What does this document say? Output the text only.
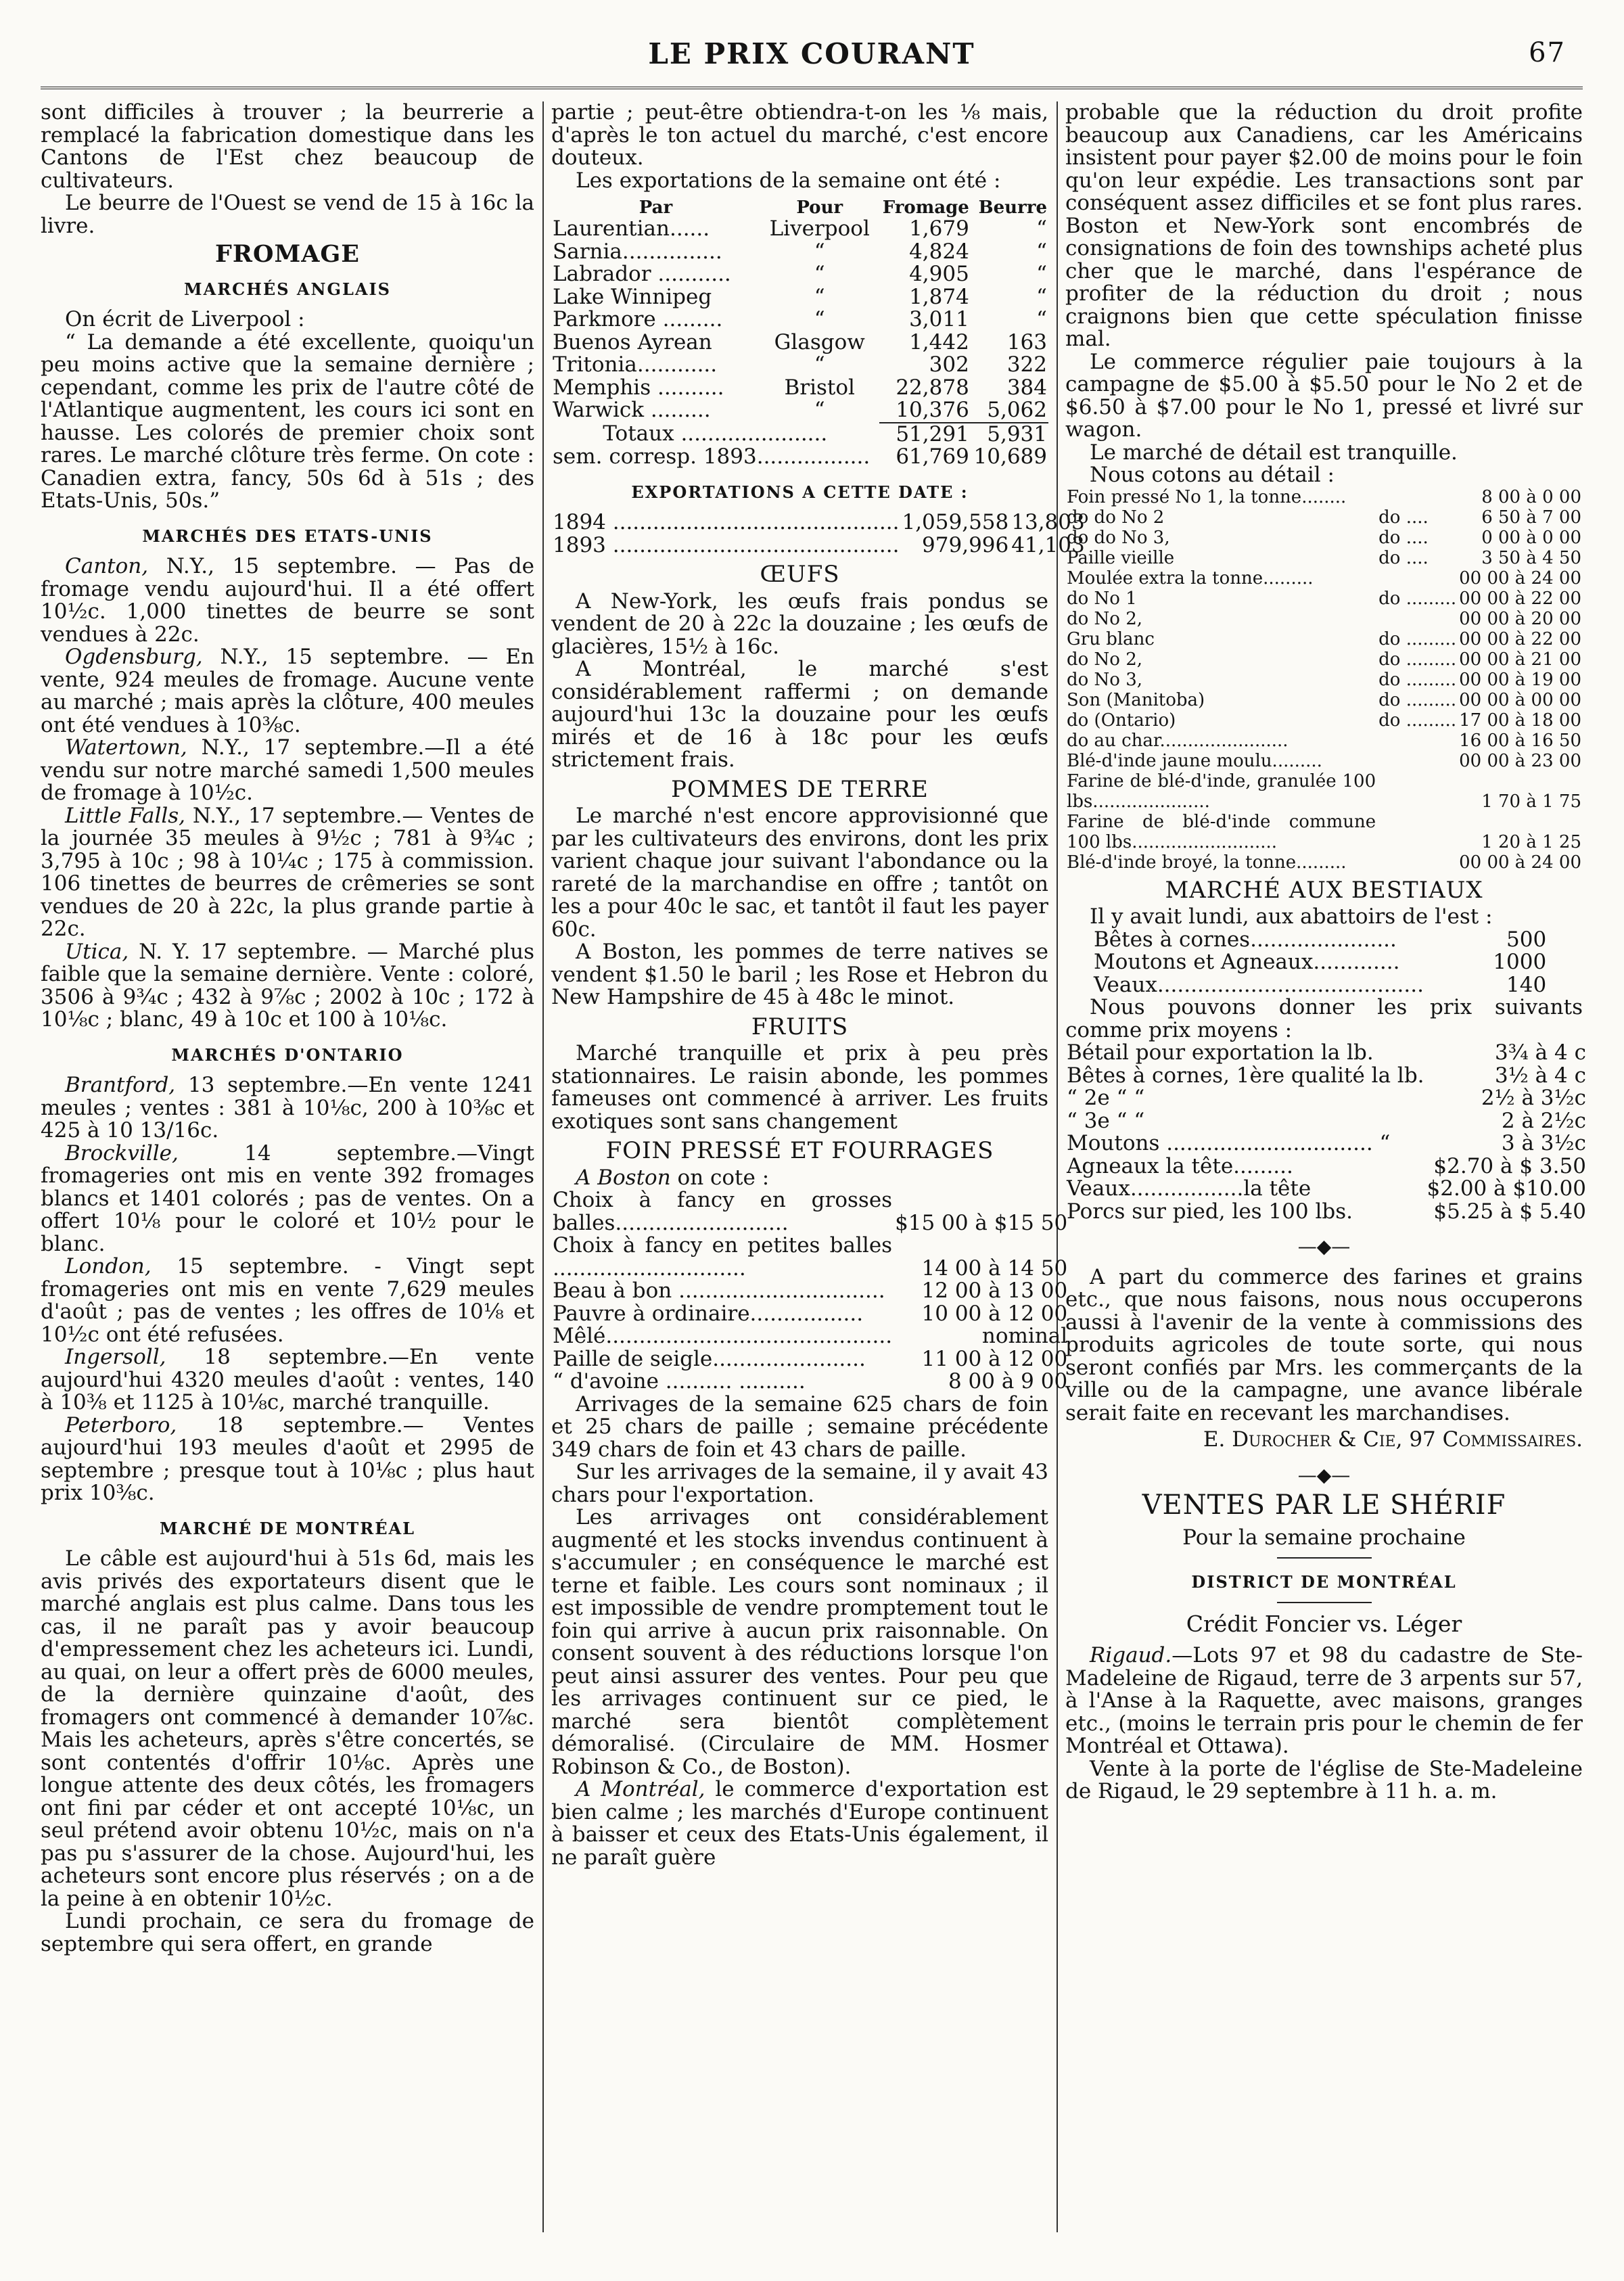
LE PRIX COURANT	67

sont difficiles à trouver ; la beurrerie a remplacé la fabrication domestique dans les Cantons de l'Est chez beaucoup de cultivateurs.

Le beurre de l'Ouest se vend de 15 à 16c la livre.

FROMAGE
MARCHÉS ANGLAIS

On écrit de Liverpool :

“ La demande a été excellente, quoiqu'un peu moins active que la semaine dernière ; cependant, comme les prix de l'autre côté de l'Atlantique augmentent, les cours ici sont en hausse. Les colorés de premier choix sont rares. Le marché clôture très ferme. On cote : Canadien extra, fancy, 50s 6d à 51s ; des Etats-Unis, 50s.”

MARCHÉS DES ETATS-UNIS

Canton, N.Y., 15 septembre. — Pas de fromage vendu aujourd'hui. Il a été offert 10½c. 1,000 tinettes de beurre se sont vendues à 22c.

Ogdensburg, N.Y., 15 septembre. — En vente, 924 meules de fromage. Aucune vente au marché ; mais après la clôture, 400 meules ont été vendues à 10⅜c.

Watertown, N.Y., 17 septembre.—Il a été vendu sur notre marché samedi 1,500 meules de fromage à 10½c.

Little Falls, N.Y., 17 septembre.— Ventes de la journée 35 meules à 9½c ; 781 à 9¾c ; 3,795 à 10c ; 98 à 10¼c ; 175 à commission. 106 tinettes de beurres de crêmeries se sont vendues de 20 à 22c, la plus grande partie à 22c.

Utica, N. Y. 17 septembre. — Marché plus faible que la semaine dernière. Vente : coloré, 3506 à 9¾c ; 432 à 9⅞c ; 2002 à 10c ; 172 à 10⅛c ; blanc, 49 à 10c et 100 à 10⅛c.

MARCHÉS D'ONTARIO

Brantford, 13 septembre.—En vente 1241 meules ; ventes : 381 à 10⅛c, 200 à 10⅜c et 425 à 10 13/16c.

Brockville, 14 septembre.—Vingt fromageries ont mis en vente 392 fromages blancs et 1401 colorés ; pas de ventes. On a offert 10⅛ pour le coloré et 10½ pour le blanc.

London, 15 septembre. - Vingt sept fromageries ont mis en vente 7,629 meules d'août ; pas de ventes ; les offres de 10⅛ et 10½c ont été refusées.

Ingersoll, 18 septembre.—En vente aujourd'hui 4320 meules d'août : ventes, 140 à 10⅜ et 1125 à 10⅛c, marché tranquille.

Peterboro, 18 septembre.— Ventes aujourd'hui 193 meules d'août et 2995 de septembre ; presque tout à 10⅛c ; plus haut prix 10⅜c.

MARCHÉ DE MONTRÉAL

Le câble est aujourd'hui à 51s 6d, mais les avis privés des exportateurs disent que le marché anglais est plus calme. Dans tous les cas, il ne paraît pas y avoir beaucoup d'empressement chez les acheteurs ici. Lundi, au quai, on leur a offert près de 6000 meules, de la dernière quinzaine d'août, des fromagers ont commencé à demander 10⅞c. Mais les acheteurs, après s'être concertés, se sont contentés d'offrir 10⅛c. Après une longue attente des deux côtés, les fromagers ont fini par céder et ont accepté 10⅛c, un seul prétend avoir obtenu 10½c, mais on n'a pas pu s'assurer de la chose. Aujourd'hui, les acheteurs sont encore plus réservés ; on a de la peine à en obtenir 10½c.

Lundi prochain, ce sera du fromage de septembre qui sera offert, en grande

partie ; peut-être obtiendra-t-on les ⅛ mais, d'après le ton actuel du marché, c'est encore douteux.

Les exportations de la semaine ont été :

Par	Pour	Fromage	Beurre
Laurentian......	Liverpool	1,679	“
Sarnia...............	“	4,824	“
Labrador ...........	“	4,905	“
Lake Winnipeg	“	1,874	“
Parkmore .........	“	3,011	“
Buenos Ayrean	Glasgow	1,442	163
Tritonia............	“	302	322
Memphis ..........	Bristol	22,878	384
Warwick .........	“	10,376	5,062
Totaux ......................		51,291	5,931
sem. corresp. 1893.................		61,769	10,689
EXPORTATIONS A CETTE DATE :
1894 ...........................................	1,059,558	13,803
1893 ...........................................	979,996	41,103
ŒUFS

A New-York, les œufs frais pondus se vendent de 20 à 22c la douzaine ; les œufs de glacières, 15½ à 16c.

A Montréal, le marché s'est considérablement raffermi ; on demande aujourd'hui 13c la douzaine pour les œufs mirés et de 16 à 18c pour les œufs strictement frais.

POMMES DE TERRE

Le marché n'est encore approvisionné que par les cultivateurs des environs, dont les prix varient chaque jour suivant l'abondance ou la rareté de la marchandise en offre ; tantôt on les a pour 40c le sac, et tantôt il faut les payer 60c.

A Boston, les pommes de terre natives se vendent $1.50 le baril ; les Rose et Hebron du New Hampshire de 45 à 48c le minot.

FRUITS

Marché tranquille et prix à peu près stationnaires. Le raisin abonde, les pommes fameuses ont commencé à arriver. Les fruits exotiques sont sans changement

FOIN PRESSÉ ET FOURRAGES

A Boston on cote :

Choix à fancy en grosses balles..........................	$15 00 à $15 50
Choix à fancy en petites balles .............................	14 00 à 14 50
Beau à bon ...............................	12 00 à 13 00
Pauvre à ordinaire.................	10 00 à 12 00
Mêlé...........................................	nominal
Paille de seigle.......................	11 00 à 12 00
“ d'avoine .......... ..........	8 00 à 9 00

Arrivages de la semaine 625 chars de foin et 25 chars de paille ; semaine précédente 349 chars de foin et 43 chars de paille.

Sur les arrivages de la semaine, il y avait 43 chars pour l'exportation.

Les arrivages ont considérablement augmenté et les stocks invendus continuent à s'accumuler ; en conséquence le marché est terne et faible. Les cours sont nominaux ; il est impossible de vendre promptement tout le foin qui arrive à aucun prix raisonnable. On consent souvent à des réductions lorsque l'on peut ainsi assurer des ventes. Pour peu que les arrivages continuent sur ce pied, le marché sera bientôt complètement démoralisé. (Circulaire de MM. Hosmer Robinson & Co., de Boston).

A Montréal, le commerce d'exportation est bien calme ; les marchés d'Europe continuent à baisser et ceux des Etats-Unis également, il ne paraît guère

probable que la réduction du droit profite beaucoup aux Canadiens, car les Américains insistent pour payer $2.00 de moins pour le foin qu'on leur expédie. Les transactions sont par conséquent assez difficiles et se font plus rares. Boston et New-York sont encombrés de consignations de foin des townships acheté plus cher que le marché, dans l'espérance de profiter de la réduction du droit ; nous craignons bien que cette spéculation finisse mal.

Le commerce régulier paie toujours à la campagne de $5.00 à $5.50 pour le No 2 et de $6.50 à $7.00 pour le No 1, pressé et livré sur wagon.

Le marché de détail est tranquille.

Nous cotons au détail :

Foin pressé No 1, la tonne........		8 00 à 0 00
do do No 2	do ....	6 50 à 7 00
do do No 3,	do ....	0 00 à 0 00
Paille vieille	do ....	3 50 à 4 50
Moulée extra la tonne.........		00 00 à 24 00
do No 1	do .........	00 00 à 22 00
do No 2,		00 00 à 20 00
Gru blanc	do .........	00 00 à 22 00
do No 2,	do .........	00 00 à 21 00
do No 3,	do .........	00 00 à 19 00
Son (Manitoba)	do .........	00 00 à 00 00
do (Ontario)	do .........	17 00 à 18 00
do au char.......................		16 00 à 16 50
Blé-d'inde jaune moulu.........		00 00 à 23 00
Farine de blé-d'inde, granulée 100 lbs.....................		1 70 à 1 75
Farine de blé-d'inde commune 100 lbs..........................		1 20 à 1 25
Blé-d'inde broyé, la tonne.........		00 00 à 24 00
MARCHÉ AUX BESTIAUX

Il y avait lundi, aux abattoirs de l'est :

Bêtes à cornes......................	500
Moutons et Agneaux.............	1000
Veaux........................................	140

Nous pouvons donner les prix suivants comme prix moyens :

Bétail pour exportation la lb.	3¾ à 4 c
Bêtes à cornes, 1ère qualité la lb.	3½ à 4 c
“ 2e “ “	2½ à 3½c
“ 3e “ “	2 à 2½c
Moutons ............................... “	3 à 3½c
Agneaux la tête.........	$2.70 à $ 3.50
Veaux.................la tête	$2.00 à $10.00
Porcs sur pied, les 100 lbs.	$5.25 à $ 5.40
—◆—

A part du commerce des farines et grains etc., que nous faisons, nous nous occuperons aussi à l'avenir de la vente à commissions des produits agricoles de toute sorte, qui nous seront confiés par Mrs. les commerçants de la ville ou de la campagne, une avance libérale serait faite en recevant les marchandises.

E. Durocher & Cie, 97 Commissaires.
—◆—
VENTES PAR LE SHÉRIF
Pour la semaine prochaine
DISTRICT DE MONTRÉAL
Crédit Foncier vs. Léger

Rigaud.—Lots 97 et 98 du cadastre de Ste-Madeleine de Rigaud, terre de 3 arpents sur 57, à l'Anse à la Raquette, avec maisons, granges etc., (moins le terrain pris pour le chemin de fer Montréal et Ottawa).

Vente à la porte de l'église de Ste-Madeleine de Rigaud, le 29 septembre à 11 h. a. m.
